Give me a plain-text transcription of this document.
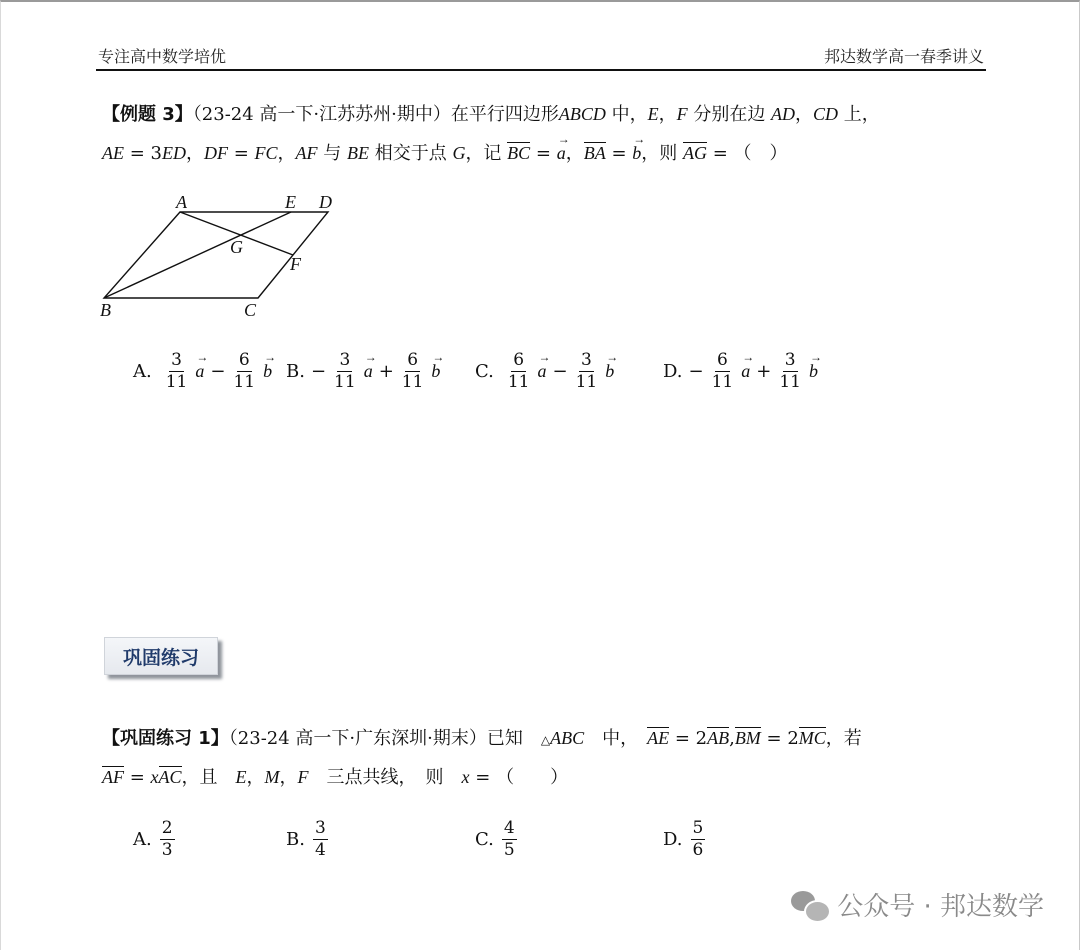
专注高中数学培优	邦达数学高一春季讲义
【例题 3】（23-24 高一下·江苏苏州·期中）在平行四边形ABCD 中，E，F 分别在边 AD，CD 上，
AE = 3ED，DF = FC，AF 与 BE 相交于点 G，记 BC =
→
a，BA =
→
b，则 AG = （　）
A	E D
G
F
B	C
A. $\frac{3}{11}$ →
$a - \frac{6}{11}$ →
b B. − $\frac{3}{11}$ →
$a + \frac{6}{11}$ →
b C. $\frac{6}{11}$ →
$a - \frac{3}{11}$ →
b	D. − $\frac{6}{11}$ →
$a + \frac{3}{11}$ →
b
巩固练习
【巩固练习 1】（23-24 高一下·广东深圳·期末）已知　 △ABC　中，　 AE = 2AB,BM = 2MC，若
AF = xAC，且　E，M，F　三点共线，　则　x = （　　）
A. $\frac{2}{3}$	B. $\frac{3}{4}$	C. $\frac{4}{5}$	D. $\frac{5}{6}$
公众号 · 邦达数学
